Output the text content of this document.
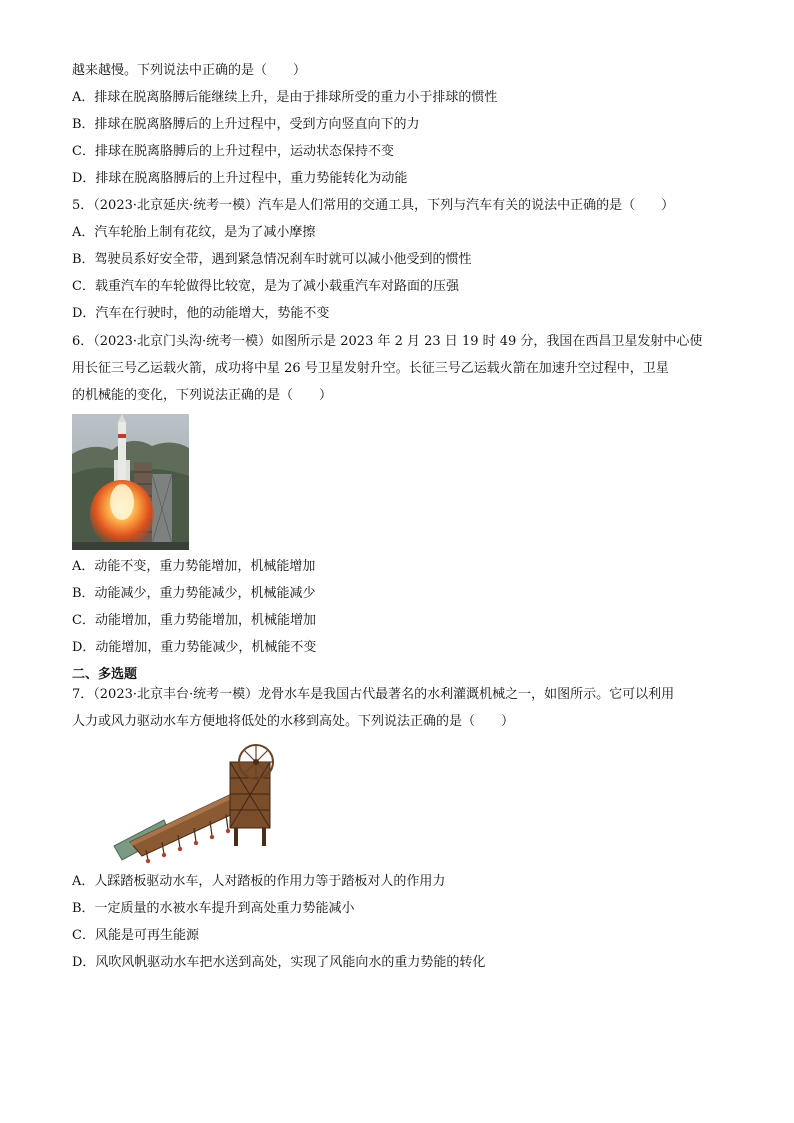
越来越慢。下列说法中正确的是（　　）
A．排球在脱离胳膊后能继续上升，是由于排球所受的重力小于排球的惯性
B．排球在脱离胳膊后的上升过程中，受到方向竖直向下的力
C．排球在脱离胳膊后的上升过程中，运动状态保持不变
D．排球在脱离胳膊后的上升过程中，重力势能转化为动能
5．（2023·北京延庆·统考一模）汽车是人们常用的交通工具，下列与汽车有关的说法中正确的是（　　）
A．汽车轮胎上制有花纹，是为了减小摩擦
B．驾驶员系好安全带，遇到紧急情况刹车时就可以减小他受到的惯性
C．载重汽车的车轮做得比较宽，是为了减小载重汽车对路面的压强
D．汽车在行驶时，他的动能增大，势能不变
6．（2023·北京门头沟·统考一模）如图所示是 2023 年 2 月 23 日 19 时 49 分，我国在西昌卫星发射中心使
用长征三号乙运载火箭，成功将中星 26 号卫星发射升空。长征三号乙运载火箭在加速升空过程中，卫星
的机械能的变化，下列说法正确的是（　　）
A．动能不变，重力势能增加，机械能增加
B．动能减少，重力势能减少，机械能减少
C．动能增加，重力势能增加，机械能增加
D．动能增加，重力势能减少，机械能不变
二、多选题
7．（2023·北京丰台·统考一模）龙骨水车是我国古代最著名的水利灌溉机械之一，如图所示。它可以利用
人力或风力驱动水车方便地将低处的水移到高处。下列说法正确的是（　　）
A．人踩踏板驱动水车，人对踏板的作用力等于踏板对人的作用力
B．一定质量的水被水车提升到高处重力势能减小
C．风能是可再生能源
D．风吹风帆驱动水车把水送到高处，实现了风能向水的重力势能的转化
